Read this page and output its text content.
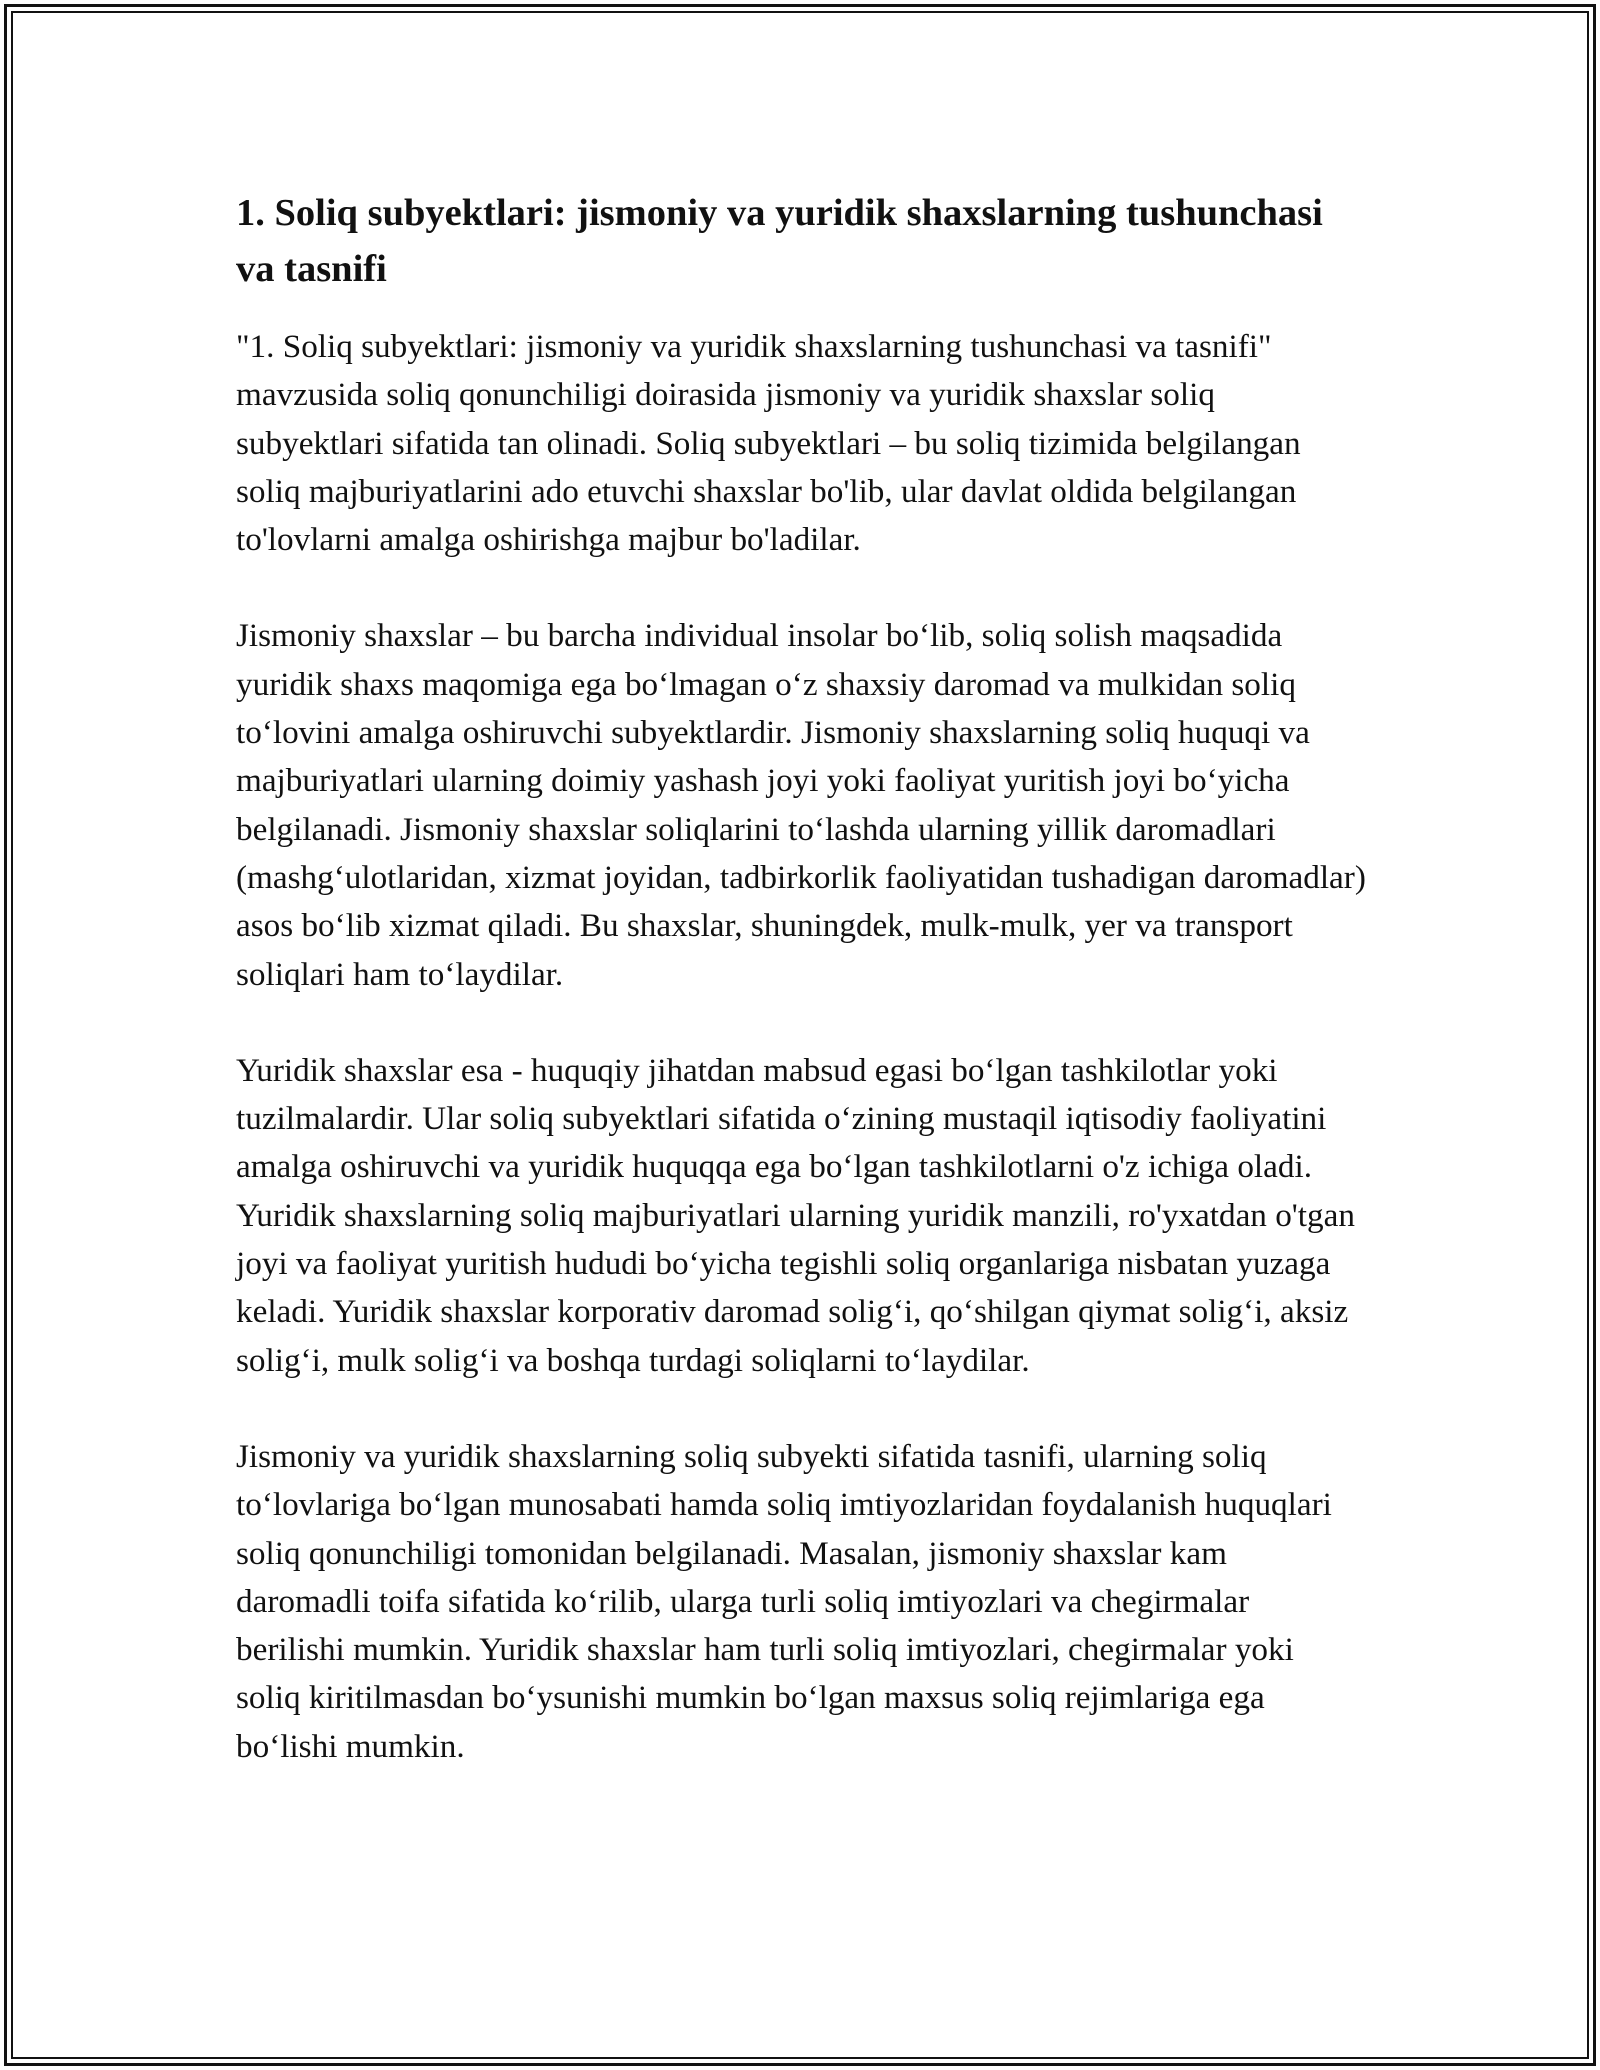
1. Soliq subyektlari: jismoniy va yuridik shaxslarning tushunchasi va tasnifi

"1. Soliq subyektlari: jismoniy va yuridik shaxslarning tushunchasi va tasnifi" mavzusida soliq qonunchiligi doirasida jismoniy va yuridik shaxslar soliq subyektlari sifatida tan olinadi. Soliq subyektlari – bu soliq tizimida belgilangan soliq majburiyatlarini ado etuvchi shaxslar bo'lib, ular davlat oldida belgilangan to'lovlarni amalga oshirishga majbur bo'ladilar.

Jismoniy shaxslar – bu barcha individual insolar bo‘lib, soliq solish maqsadida yuridik shaxs maqomiga ega bo‘lmagan o‘z shaxsiy daromad va mulkidan soliq to‘lovini amalga oshiruvchi subyektlardir. Jismoniy shaxslarning soliq huquqi va majburiyatlari ularning doimiy yashash joyi yoki faoliyat yuritish joyi bo‘yicha belgilanadi. Jismoniy shaxslar soliqlarini to‘lashda ularning yillik daromadlari (mashg‘ulotlaridan, xizmat joyidan, tadbirkorlik faoliyatidan tushadigan daromadlar) asos bo‘lib xizmat qiladi. Bu shaxslar, shuningdek, mulk-mulk, yer va transport soliqlari ham to‘laydilar.

Yuridik shaxslar esa - huquqiy jihatdan mabsud egasi bo‘lgan tashkilotlar yoki tuzilmalardir. Ular soliq subyektlari sifatida o‘zining mustaqil iqtisodiy faoliyatini amalga oshiruvchi va yuridik huquqqa ega bo‘lgan tashkilotlarni o'z ichiga oladi. Yuridik shaxslarning soliq majburiyatlari ularning yuridik manzili, ro'yxatdan o'tgan joyi va faoliyat yuritish hududi bo‘yicha tegishli soliq organlariga nisbatan yuzaga keladi. Yuridik shaxslar korporativ daromad solig‘i, qo‘shilgan qiymat solig‘i, aksiz solig‘i, mulk solig‘i va boshqa turdagi soliqlarni to‘laydilar.

Jismoniy va yuridik shaxslarning soliq subyekti sifatida tasnifi, ularning soliq to‘lovlariga bo‘lgan munosabati hamda soliq imtiyozlaridan foydalanish huquqlari soliq qonunchiligi tomonidan belgilanadi. Masalan, jismoniy shaxslar kam daromadli toifa sifatida ko‘rilib, ularga turli soliq imtiyozlari va chegirmalar berilishi mumkin. Yuridik shaxslar ham turli soliq imtiyozlari, chegirmalar yoki soliq kiritilmasdan bo‘ysunishi mumkin bo‘lgan maxsus soliq rejimlariga ega bo‘lishi mumkin.
